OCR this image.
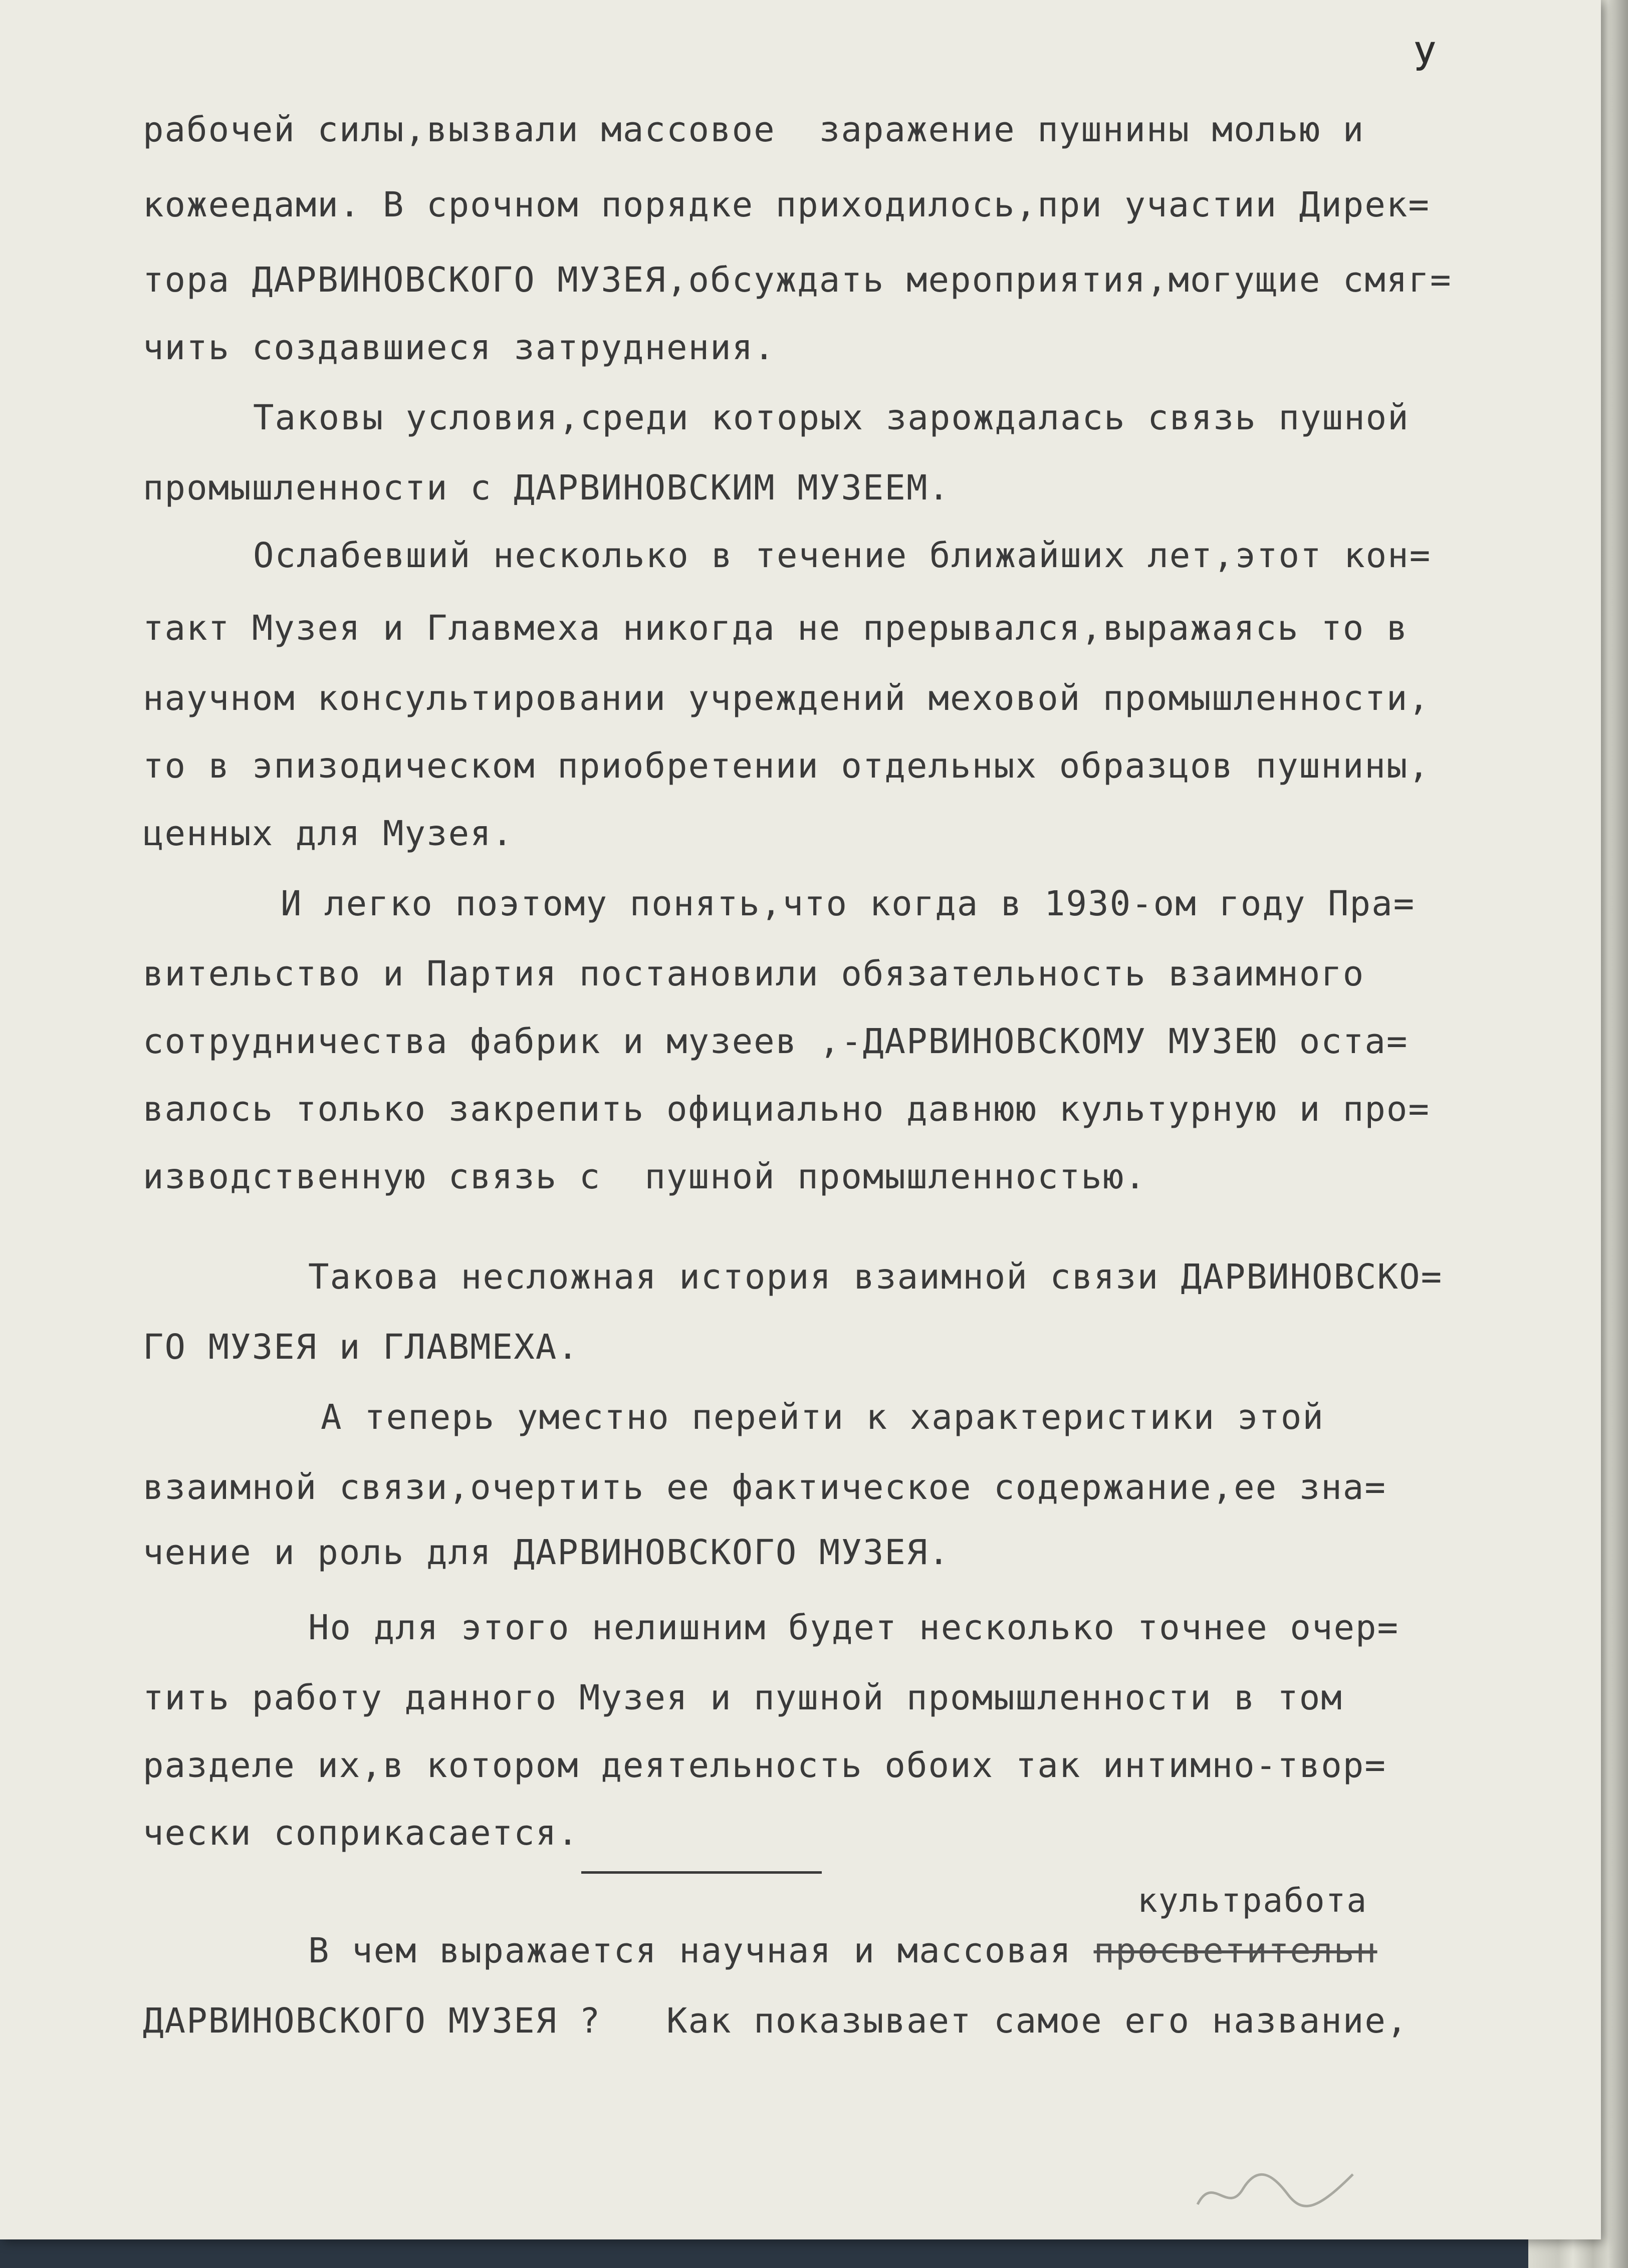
У
рабочей силы,вызвали массовое  заражение пушнины молью и
кожеедами. В срочном порядке приходилось,при участии Дирек=
тора ДАРВИНОВСКОГО МУЗЕЯ,обсуждать мероприятия,могущие смяг=
чить создавшиеся затруднения.
Таковы условия,среди которых зарождалась связь пушной
промышленности с ДАРВИНОВСКИМ МУЗЕЕМ.
Ослабевший несколько в течение ближайших лет,этот кон=
такт Музея и Главмеха никогда не прерывался,выражаясь то в
научном консультировании учреждений меховой промышленности,
то в эпизодическом приобретении отдельных образцов пушнины,
ценных для Музея.
И легко поэтому понять,что когда в 1930-ом году Пра=
вительство и Партия постановили обязательность взаимного
сотрудничества фабрик и музеев ,-ДАРВИНОВСКОМУ МУЗЕЮ оста=
валось только закрепить официально давнюю культурную и про=
изводственную связь с  пушной промышленностью.
Такова несложная история взаимной связи ДАРВИНОВСКО=
ГО МУЗЕЯ и ГЛАВМЕХА.
А теперь уместно перейти к характеристики этой
взаимной связи,очертить ее фактическое содержание,ее зна=
чение и роль для ДАРВИНОВСКОГО МУЗЕЯ.
Но для этого нелишним будет несколько точнее очер=
тить работу данного Музея и пушной промышленности в том
разделе их,в котором деятельность обоих так интимно-твор=
чески соприкасается.
культработа
В чем выражается научная и массовая просветительн
ДАРВИНОВСКОГО МУЗЕЯ ?   Как показывает самое его название,
